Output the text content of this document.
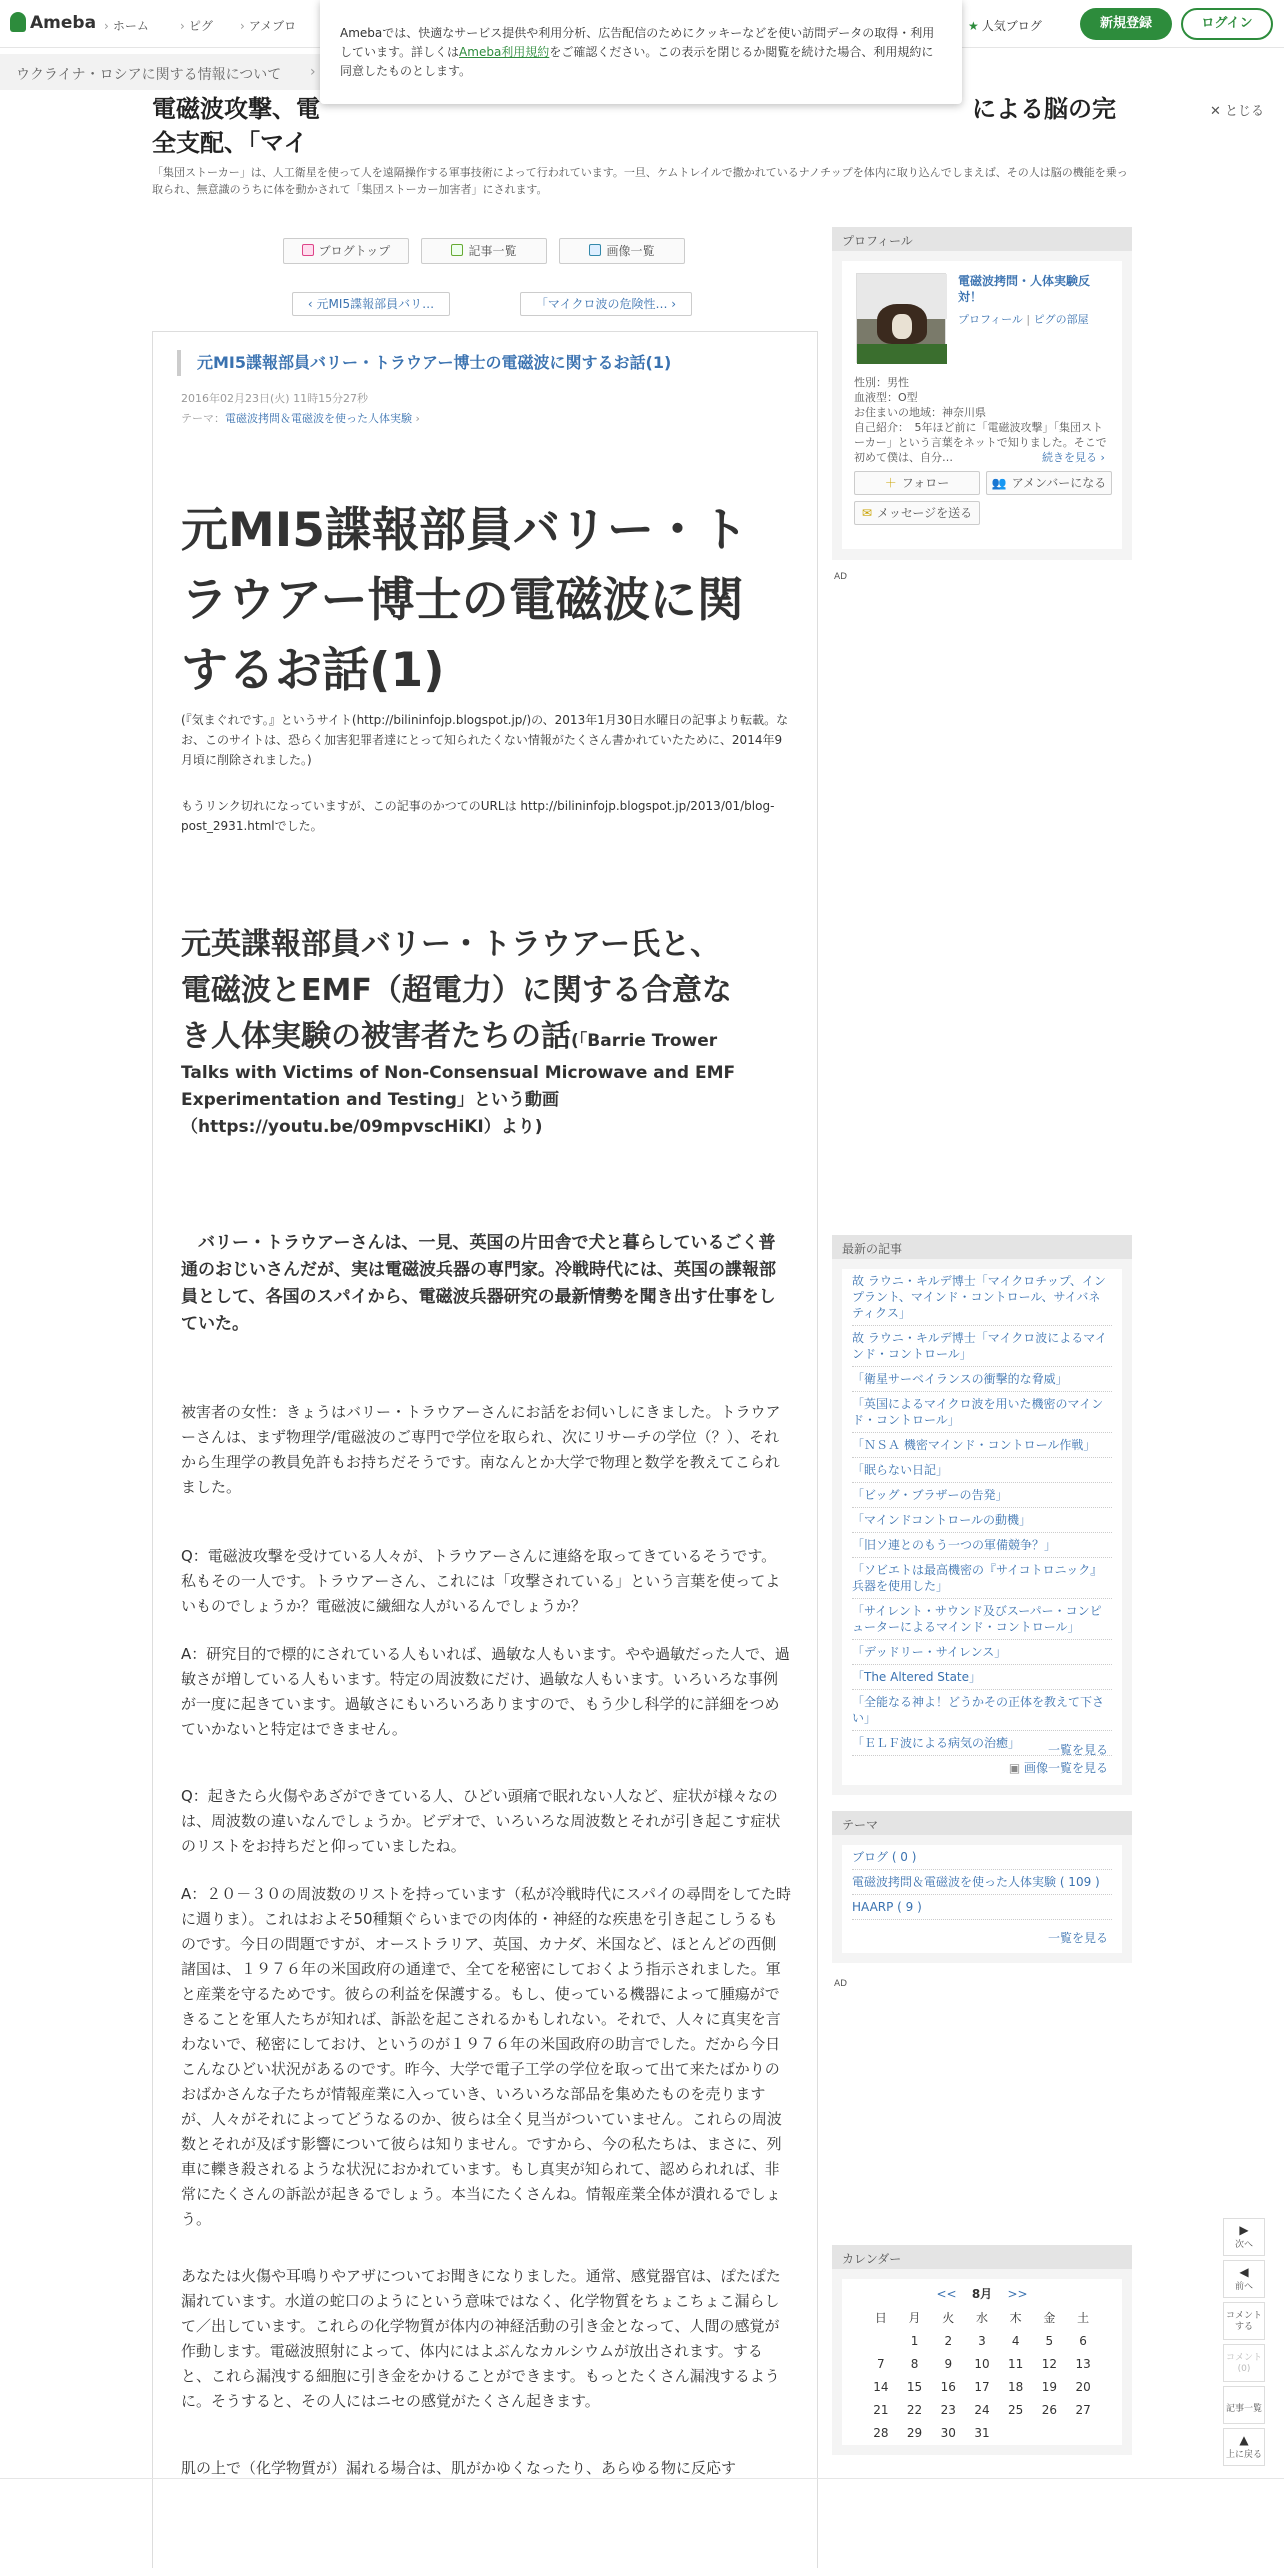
Ameba › ホーム	› ピグ › アメブロ	★ 人気ブログ	新規登録	ログイン
ウクライナ・ロシアに関する情報について ›
Amebaでは、快適なサービス提供や利用分析、広告配信のためにクッキーなどを使い訪問データの取得・利用しています。詳しくはAmeba利用規約をご確認ください。この表示を閉じるか閲覧を続けた場合、利用規約に同意したものとします。
✕ とじる
電磁波攻撃、電	による脳の完
全支配、「マイ
「集団ストーカー」は、人工衛星を使って人を遠隔操作する軍事技術によって行われています。一旦、ケムトレイルで撒かれているナノチップを体内に取り込んでしまえば、その人は脳の機能を乗っ取られ、無意識のうちに体を動かされて「集団ストーカー加害者」にされます。
ブログトップ	記事一覧	画像一覧
‹ 元MI5諜報部員バリ…	「マイクロ波の危険性… ›
元MI5諜報部員バリー・トラウアー博士の電磁波に関するお話(1)
2016年02月23日(火) 11時15分27秒
テーマ：電磁波拷問＆電磁波を使った人体実験 ›
元MI5諜報部員バリー・ト
ラウアー博士の電磁波に関
するお話(1)
(『気まぐれです。』というサイト(http://bilininfojp.blogspot.jp/)の、2013年1月30日水曜日の記事より転載。なお、このサイトは、恐らく加害犯罪者達にとって知られたくない情報がたくさん書かれていたために、2014年9月頃に削除されました。)
もうリンク切れになっていますが、この記事のかつてのURLは http://bilininfojp.blogspot.jp/2013/01/blog-post_2931.htmlでした。
元英諜報部員バリー・トラウアー氏と、
電磁波とEMF（超電力）に関する合意な
き人体実験の被害者たちの話(「Barrie Trower
Talks with Victims of Non-Consensual Microwave and EMF Experimentation and Testing」という動画（https://youtu.be/09mpvscHiKI）より)
バリー・トラウアーさんは、一見、英国の片田舎で犬と暮らしているごく普通のおじいさんだが、実は電磁波兵器の専門家。冷戦時代には、英国の諜報部員として、各国のスパイから、電磁波兵器研究の最新情勢を聞き出す仕事をしていた。
被害者の女性：きょうはバリー・トラウアーさんにお話をお伺いしにきました。トラウアーさんは、まず物理学/電磁波のご専門で学位を取られ、次にリサーチの学位（？）、それから生理学の教員免許もお持ちだそうです。南なんとか大学で物理と数学を教えてこられました。
Q：電磁波攻撃を受けている人々が、トラウアーさんに連絡を取ってきているそうです。私もその一人です。トラウアーさん、これには「攻撃されている」という言葉を使ってよいものでしょうか？電磁波に繊細な人がいるんでしょうか？
A：研究目的で標的にされている人もいれば、過敏な人もいます。やや過敏だった人で、過敏さが増している人もいます。特定の周波数にだけ、過敏な人もいます。いろいろな事例が一度に起きています。過敏さにもいろいろありますので、もう少し科学的に詳細をつめていかないと特定はできません。
Q：起きたら火傷やあざができている人、ひどい頭痛で眠れない人など、症状が様々なのは、周波数の違いなんでしょうか。ビデオで、いろいろな周波数とそれが引き起こす症状のリストをお持ちだと仰っていましたね。
A：２０－３０の周波数のリストを持っています（私が冷戦時代にスパイの尋問をしてた時に週りま）。これはおよそ50種類ぐらいまでの肉体的・神経的な疾患を引き起こしうるものです。今日の問題ですが、オーストラリア、英国、カナダ、米国など、ほとんどの西側諸国は、１９７６年の米国政府の通達で、全てを秘密にしておくよう指示されました。軍と産業を守るためです。彼らの利益を保護する。もし、使っている機器によって腫瘍ができることを軍人たちが知れば、訴訟を起こされるかもしれない。それで、人々に真実を言わないで、秘密にしておけ、というのが１９７６年の米国政府の助言でした。だから今日こんなひどい状況があるのです。昨今、大学で電子工学の学位を取って出て来たばかりのおばかさんな子たちが情報産業に入っていき、いろいろな部品を集めたものを売りますが、人々がそれによってどうなるのか、彼らは全く見当がついていません。これらの周波数とそれが及ぼす影響について彼らは知りません。ですから、今の私たちは、まさに、列車に轢き殺されるような状況におかれています。もし真実が知られて、認められれば、非常にたくさんの訴訟が起きるでしょう。本当にたくさんね。情報産業全体が潰れるでしょう。
あなたは火傷や耳鳴りやアザについてお聞きになりました。通常、感覚器官は、ぽたぽた漏れています。水道の蛇口のようにという意味ではなく、化学物質をちょこちょこ漏らして／出しています。これらの化学物質が体内の神経活動の引き金となって、人間の感覚が作動します。電磁波照射によって、体内にはよぶんなカルシウムが放出されます。すると、これら漏洩する細胞に引き金をかけることができます。もっとたくさん漏洩するように。そうすると、その人にはニセの感覚がたくさん起きます。
肌の上で（化学物質が）漏れる場合は、肌がかゆくなったり、あらゆる物に反応す
プロフィール
電磁波拷問・人体実験反対！
プロフィール | ピグの部屋
性別：男性
血液型：O型
お住まいの地域：神奈川県
自己紹介：　5年ほど前に「電磁波攻撃」「集団ストーカー」という言葉をネットで知りました。そこで初めて僕は、自分…	続きを見る ›
＋ フォロー	👥 アメンバーになる
✉ メッセージを送る
AD
最新の記事
故 ラウニ・キルデ博士「マイクロチップ、インプラント、マインド・コントロール、サイバネティクス」
故 ラウニ・キルデ博士「マイクロ波によるマインド・コントロール」
「衛星サーベイランスの衝撃的な脅威」
「英国によるマイクロ波を用いた機密のマインド・コントロール」
「ＮＳＡ 機密マインド・コントロール作戦」
「眠らない日記」
「ビッグ・ブラザーの告発」
「マインドコントロールの動機」
「旧ソ連とのもう一つの軍備競争？」
「ソビエトは最高機密の『サイコトロニック』兵器を使用した」
「サイレント・サウンド及びスーパー・コンピューターによるマインド・コントロール」
「デッドリー・サイレンス」
「The Altered State」
「全能なる神よ！どうかその正体を教えて下さい」
「ＥＬＦ波による病気の治癒」	一覧を見る
▣ 画像一覧を見る
テーマ
ブログ ( 0 )
電磁波拷問＆電磁波を使った人体実験 ( 109 )
HAARP ( 9 )
一覧を見る
AD
カレンダー
<< 8月 >>
日	月	火	水	木	金	土
	1	2	3	4	5	6
7	8	9	10	11	12	13
14	15	16	17	18	19	20
21	22	23	24	25	26	27
28	29	30	31			
▶
次へ
◀
前へ
コメントする
コメント(0)
記事一覧
▲
上に戻る
